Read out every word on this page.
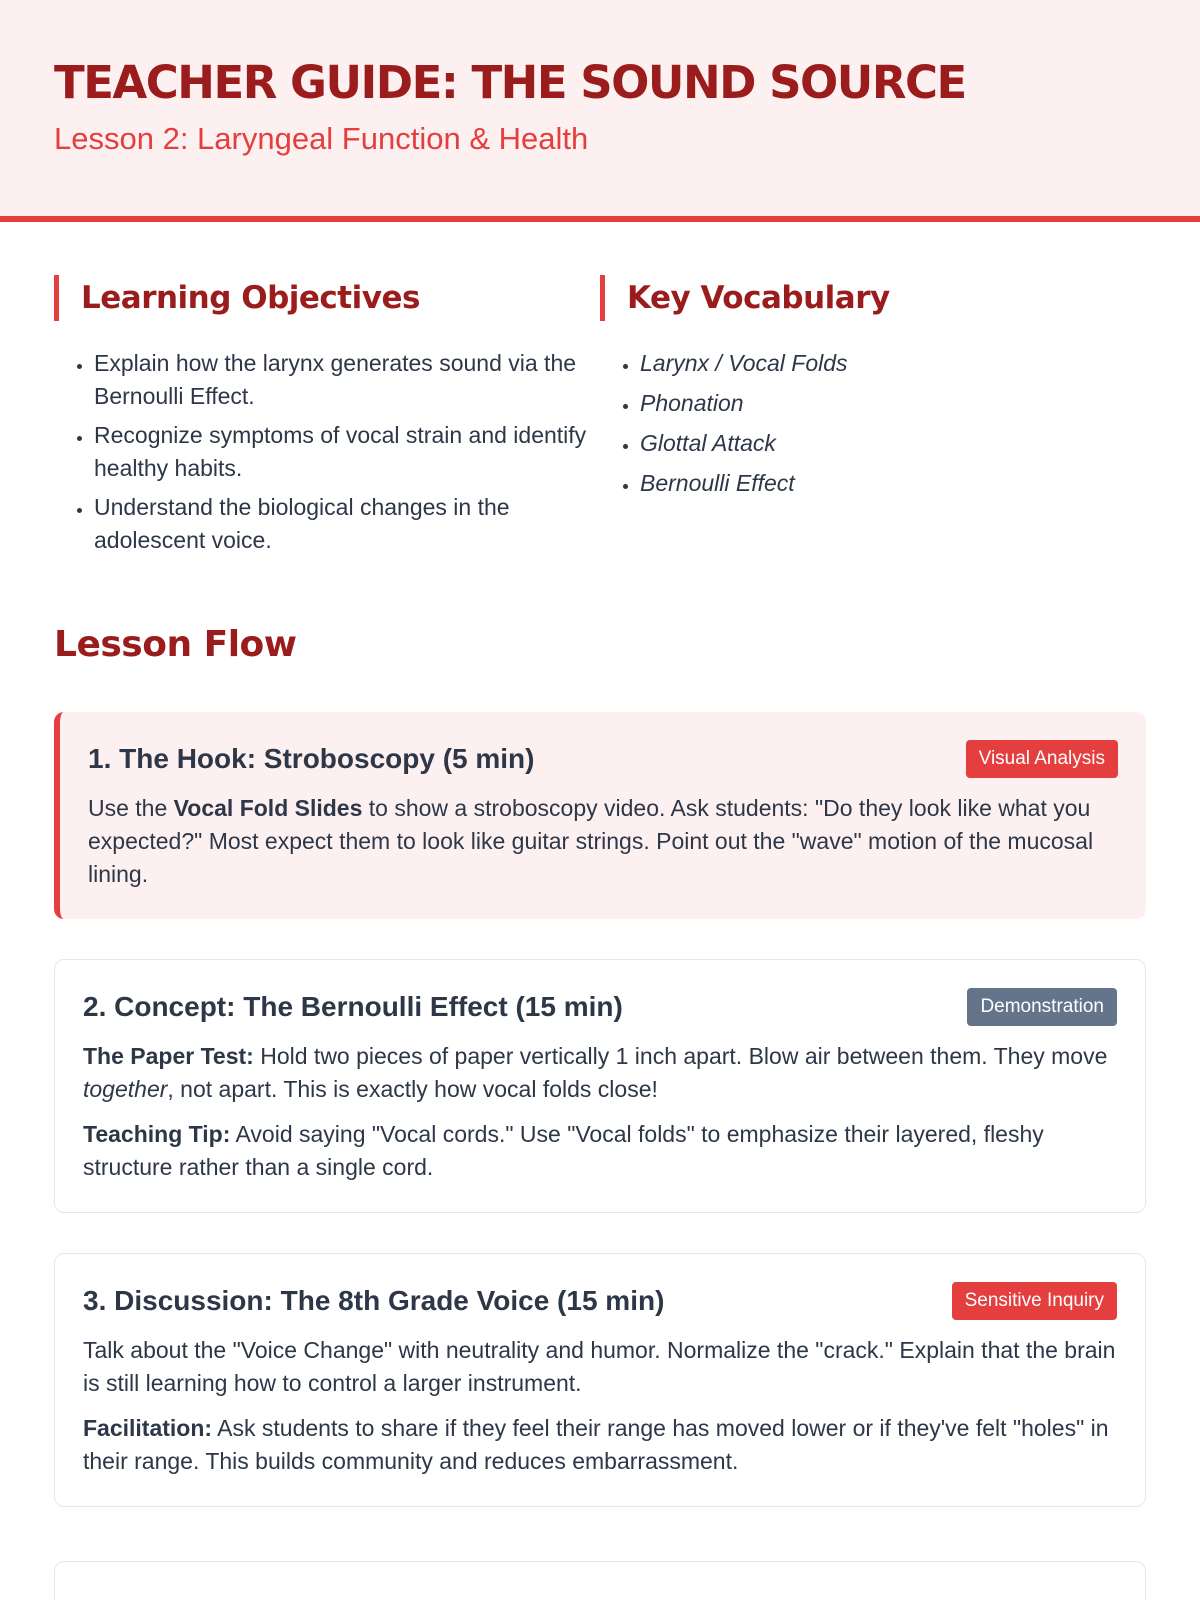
TEACHER GUIDE: THE SOUND SOURCE
Lesson 2: Laryngeal Function & Health
Learning Objectives
• Explain how the larynx generates sound via the Bernoulli Effect.
• Recognize symptoms of vocal strain and identify healthy habits.
• Understand the biological changes in the adolescent voice.
Key Vocabulary
• Larynx / Vocal Folds
• Phonation
• Glottal Attack
• Bernoulli Effect
Lesson Flow
1. The Hook: Stroboscopy (5 min)	Visual Analysis

Use the Vocal Fold Slides to show a stroboscopy video. Ask students: "Do they look like what you expected?" Most expect them to look like guitar strings. Point out the "wave" motion of the mucosal lining.

2. Concept: The Bernoulli Effect (15 min)	Demonstration

The Paper Test: Hold two pieces of paper vertically 1 inch apart. Blow air between them. They move together, not apart. This is exactly how vocal folds close!

Teaching Tip: Avoid saying "Vocal cords." Use "Vocal folds" to emphasize their layered, fleshy structure rather than a single cord.

3. Discussion: The 8th Grade Voice (15 min)	Sensitive Inquiry

Talk about the "Voice Change" with neutrality and humor. Normalize the "crack." Explain that the brain is still learning how to control a larger instrument.

Facilitation: Ask students to share if they feel their range has moved lower or if they've felt "holes" in their range. This builds community and reduces embarrassment.
